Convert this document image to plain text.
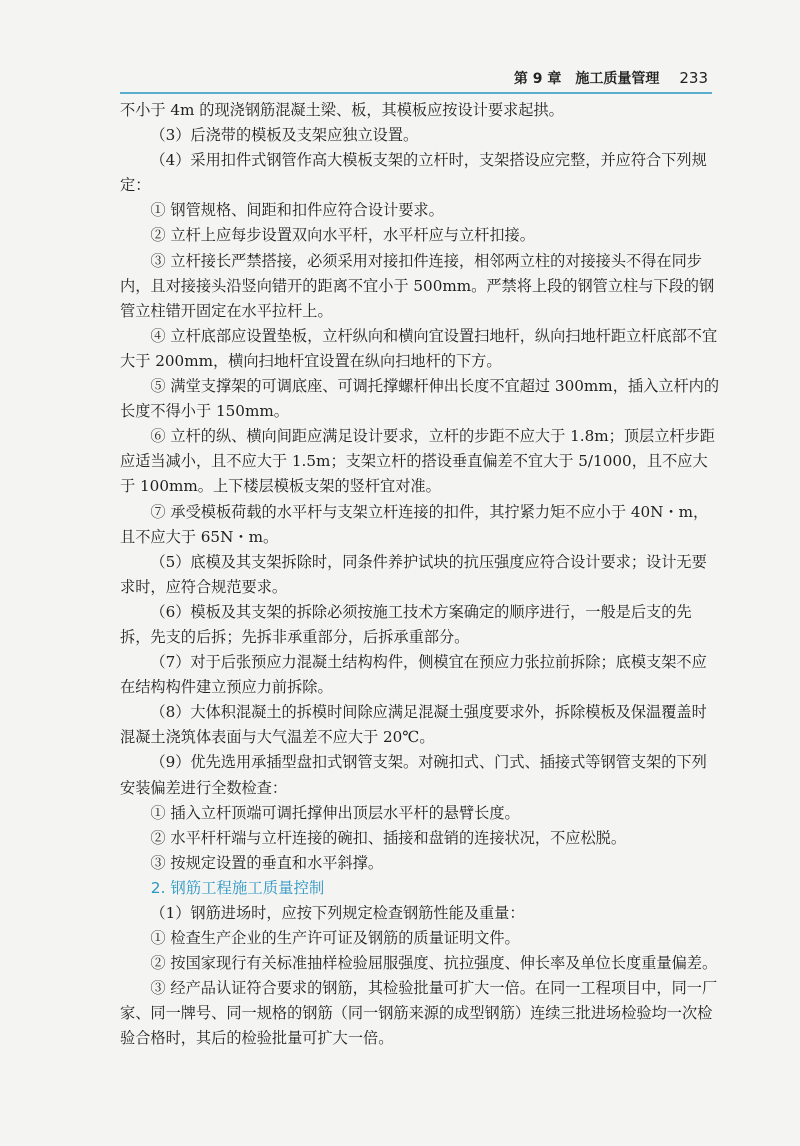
第 9 章　施工质量管理 233

不小于 4m 的现浇钢筋混凝土梁、板，其模板应按设计要求起拱。

（3）后浇带的模板及支架应独立设置。

（4）采用扣件式钢管作高大模板支架的立杆时，支架搭设应完整，并应符合下列规定：

① 钢管规格、间距和扣件应符合设计要求。

② 立杆上应每步设置双向水平杆，水平杆应与立杆扣接。

③ 立杆接长严禁搭接，必须采用对接扣件连接，相邻两立柱的对接接头不得在同步内，且对接接头沿竖向错开的距离不宜小于 500mm。严禁将上段的钢管立柱与下段的钢管立柱错开固定在水平拉杆上。

④ 立杆底部应设置垫板，立杆纵向和横向宜设置扫地杆，纵向扫地杆距立杆底部不宜大于 200mm，横向扫地杆宜设置在纵向扫地杆的下方。

⑤ 满堂支撑架的可调底座、可调托撑螺杆伸出长度不宜超过 300mm，插入立杆内的长度不得小于 150mm。

⑥ 立杆的纵、横向间距应满足设计要求，立杆的步距不应大于 1.8m；顶层立杆步距应适当减小，且不应大于 1.5m；支架立杆的搭设垂直偏差不宜大于 5/1000，且不应大于 100mm。上下楼层模板支架的竖杆宜对准。

⑦ 承受模板荷载的水平杆与支架立杆连接的扣件，其拧紧力矩不应小于 40N・m，且不应大于 65N・m。

（5）底模及其支架拆除时，同条件养护试块的抗压强度应符合设计要求；设计无要求时，应符合规范要求。

（6）模板及其支架的拆除必须按施工技术方案确定的顺序进行，一般是后支的先拆，先支的后拆；先拆非承重部分，后拆承重部分。

（7）对于后张预应力混凝土结构构件，侧模宜在预应力张拉前拆除；底模支架不应在结构构件建立预应力前拆除。

（8）大体积混凝土的拆模时间除应满足混凝土强度要求外，拆除模板及保温覆盖时混凝土浇筑体表面与大气温差不应大于 20℃。

（9）优先选用承插型盘扣式钢管支架。对碗扣式、门式、插接式等钢管支架的下列安装偏差进行全数检查：

① 插入立杆顶端可调托撑伸出顶层水平杆的悬臂长度。

② 水平杆杆端与立杆连接的碗扣、插接和盘销的连接状况，不应松脱。

③ 按规定设置的垂直和水平斜撑。

2. 钢筋工程施工质量控制

（1）钢筋进场时，应按下列规定检查钢筋性能及重量：

① 检查生产企业的生产许可证及钢筋的质量证明文件。

② 按国家现行有关标准抽样检验屈服强度、抗拉强度、伸长率及单位长度重量偏差。

③ 经产品认证符合要求的钢筋，其检验批量可扩大一倍。在同一工程项目中，同一厂家、同一牌号、同一规格的钢筋（同一钢筋来源的成型钢筋）连续三批进场检验均一次检验合格时，其后的检验批量可扩大一倍。
